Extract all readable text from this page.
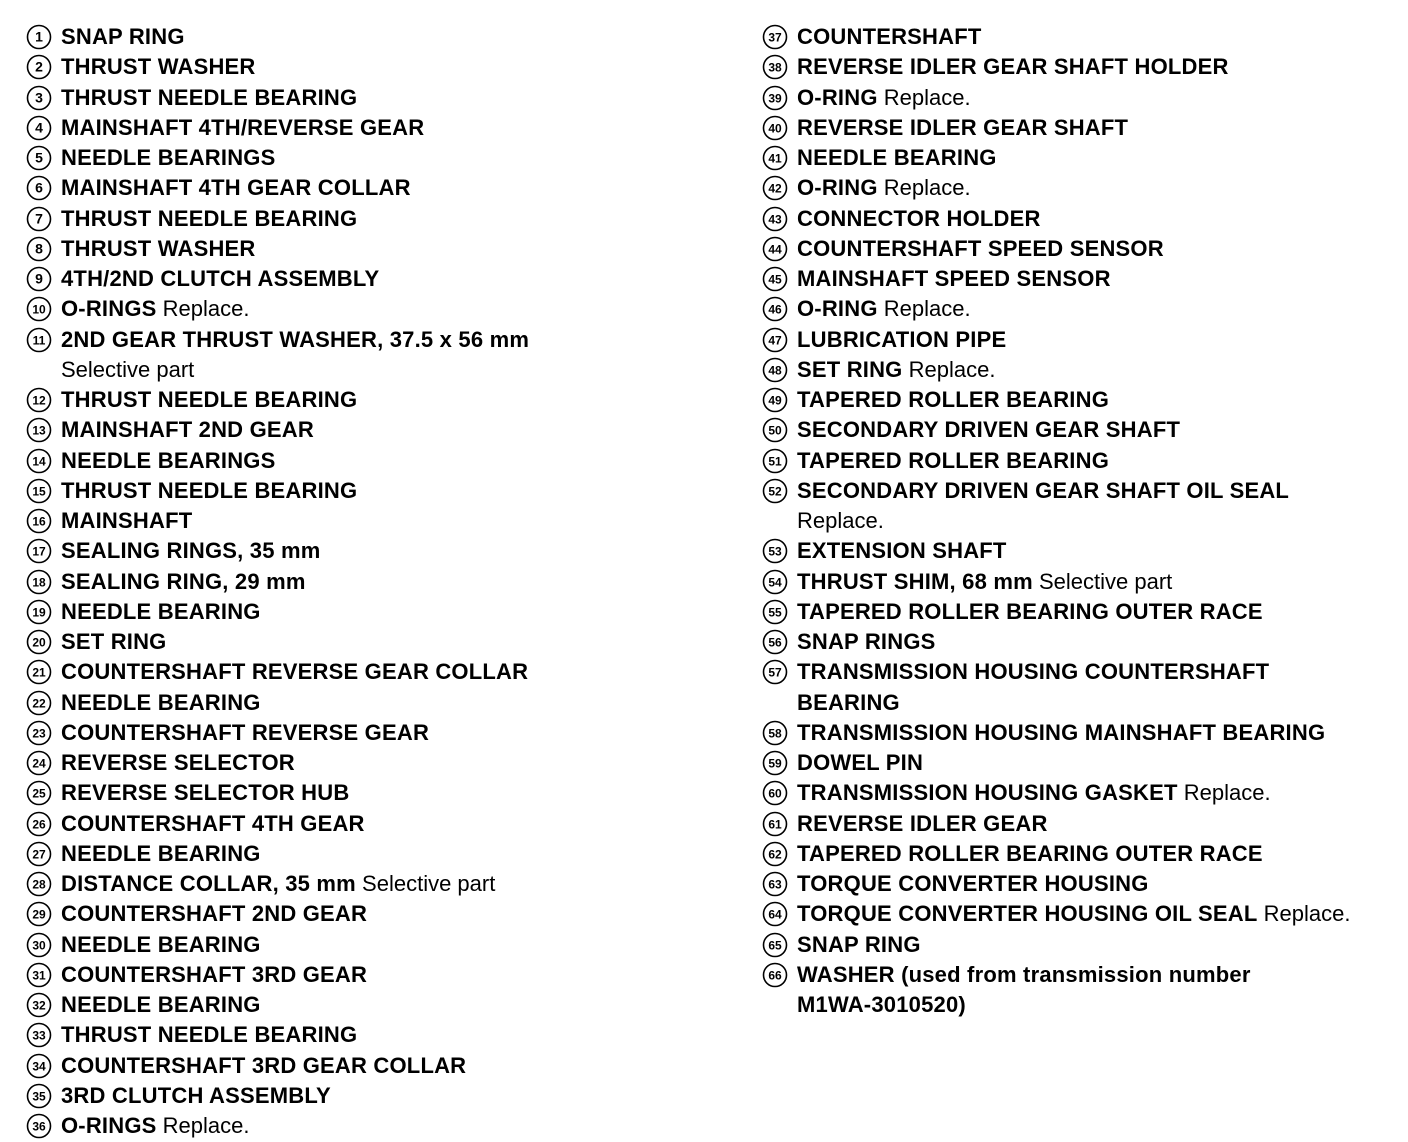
1 SNAP RING
2 THRUST WASHER
3 THRUST NEEDLE BEARING
4 MAINSHAFT 4TH/REVERSE GEAR
5 NEEDLE BEARINGS
6 MAINSHAFT 4TH GEAR COLLAR
7 THRUST NEEDLE BEARING
8 THRUST WASHER
9 4TH/2ND CLUTCH ASSEMBLY
10 O-RINGS Replace.
11 2ND GEAR THRUST WASHER, 37.5 x 56 mm
Selective part
12 THRUST NEEDLE BEARING
13 MAINSHAFT 2ND GEAR
14 NEEDLE BEARINGS
15 THRUST NEEDLE BEARING
16 MAINSHAFT
17 SEALING RINGS, 35 mm
18 SEALING RING, 29 mm
19 NEEDLE BEARING
20 SET RING
21 COUNTERSHAFT REVERSE GEAR COLLAR
22 NEEDLE BEARING
23 COUNTERSHAFT REVERSE GEAR
24 REVERSE SELECTOR
25 REVERSE SELECTOR HUB
26 COUNTERSHAFT 4TH GEAR
27 NEEDLE BEARING
28 DISTANCE COLLAR, 35 mm Selective part
29 COUNTERSHAFT 2ND GEAR
30 NEEDLE BEARING
31 COUNTERSHAFT 3RD GEAR
32 NEEDLE BEARING
33 THRUST NEEDLE BEARING
34 COUNTERSHAFT 3RD GEAR COLLAR
35 3RD CLUTCH ASSEMBLY
36 O-RINGS Replace.
37 COUNTERSHAFT
38 REVERSE IDLER GEAR SHAFT HOLDER
39 O-RING Replace.
40 REVERSE IDLER GEAR SHAFT
41 NEEDLE BEARING
42 O-RING Replace.
43 CONNECTOR HOLDER
44 COUNTERSHAFT SPEED SENSOR
45 MAINSHAFT SPEED SENSOR
46 O-RING Replace.
47 LUBRICATION PIPE
48 SET RING Replace.
49 TAPERED ROLLER BEARING
50 SECONDARY DRIVEN GEAR SHAFT
51 TAPERED ROLLER BEARING
52 SECONDARY DRIVEN GEAR SHAFT OIL SEAL
Replace.
53 EXTENSION SHAFT
54 THRUST SHIM, 68 mm Selective part
55 TAPERED ROLLER BEARING OUTER RACE
56 SNAP RINGS
57 TRANSMISSION HOUSING COUNTERSHAFT
BEARING
58 TRANSMISSION HOUSING MAINSHAFT BEARING
59 DOWEL PIN
60 TRANSMISSION HOUSING GASKET Replace.
61 REVERSE IDLER GEAR
62 TAPERED ROLLER BEARING OUTER RACE
63 TORQUE CONVERTER HOUSING
64 TORQUE CONVERTER HOUSING OIL SEAL Replace.
65 SNAP RING
66 WASHER (used from transmission number
M1WA-3010520)
